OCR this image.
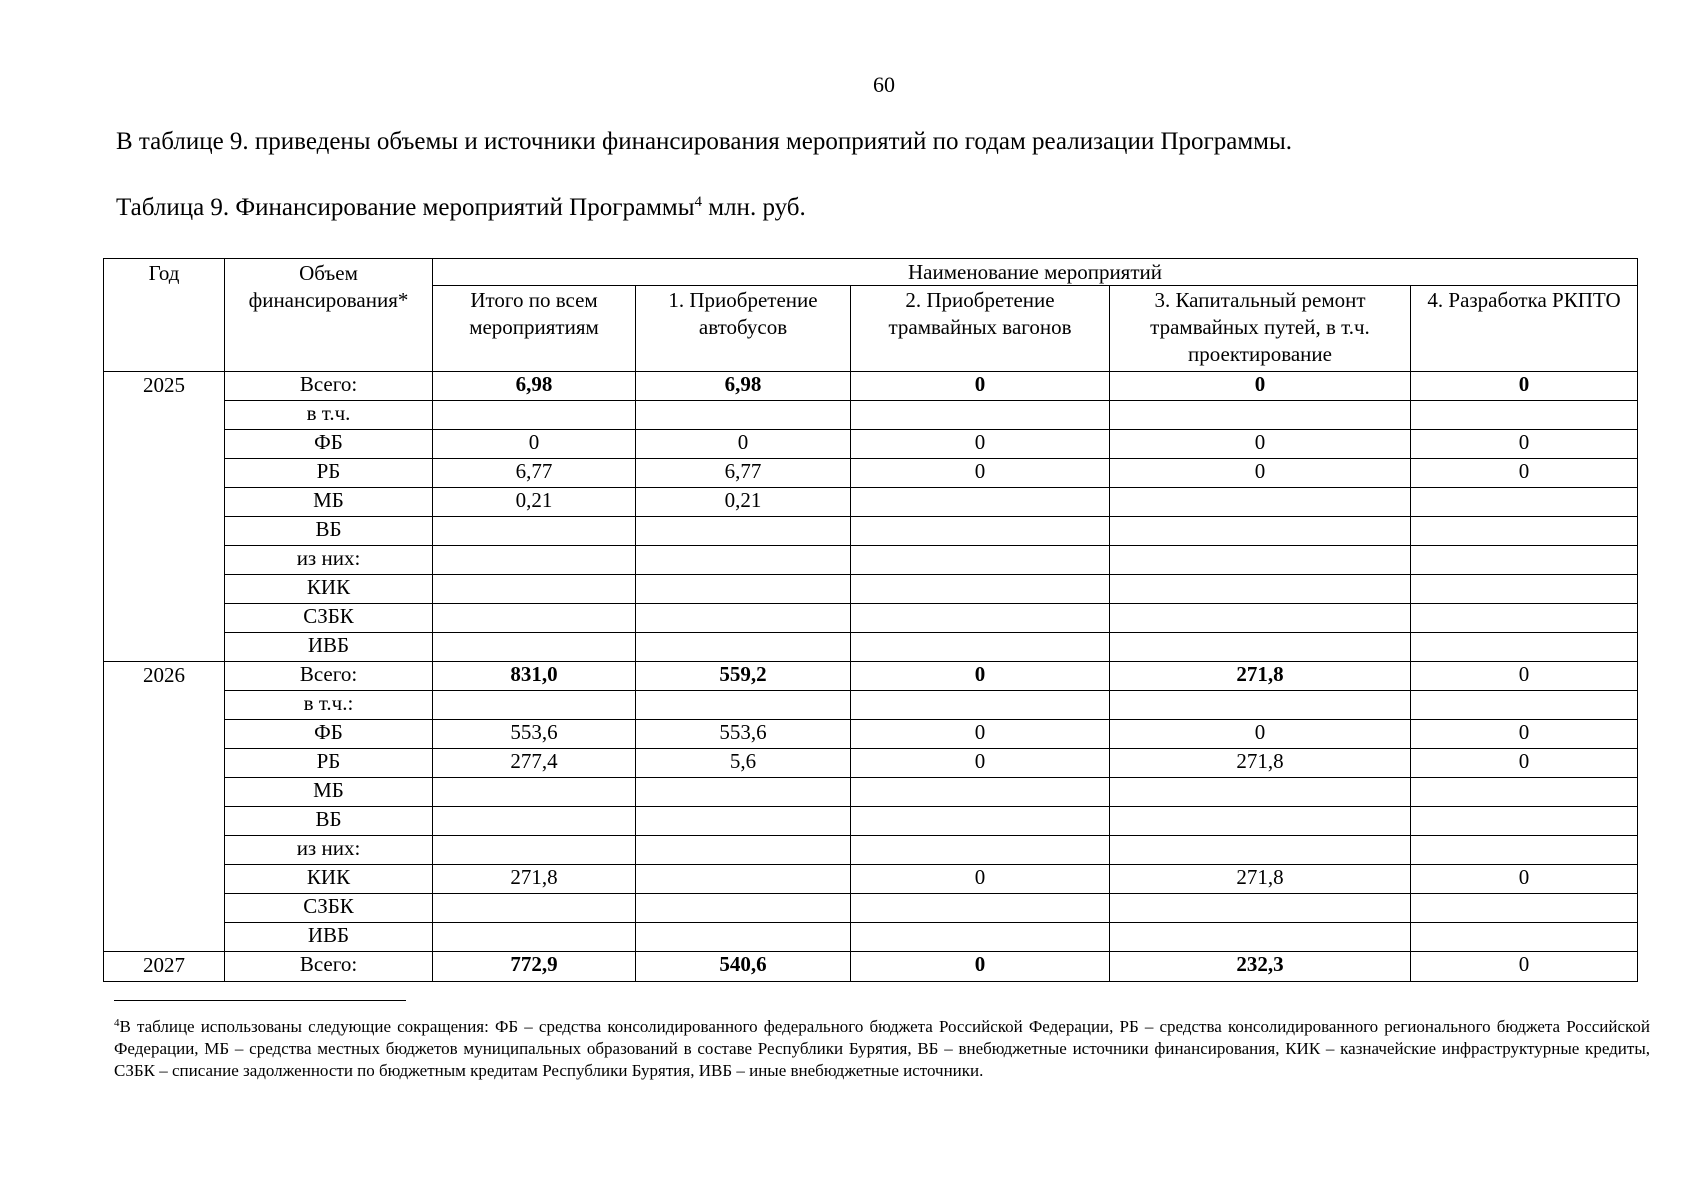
60
В таблице 9. приведены объемы и источники финансирования мероприятий по годам реализации Программы.
Таблица 9. Финансирование мероприятий Программы$^4$ млн. руб.
Год	Объем финансирования*	Наименование мероприятий				
		Итого по всем мероприятиям	1. Приобретение автобусов	2. Приобретение трамвайных вагонов	3. Капитальный ремонт трамвайных путей, в т.ч. проектирование	4. Разработка РКПТО
2025	Всего:	6,98	6,98	0	0	0
	в т.ч.					
	ФБ	0	0	0	0	0
	РБ	6,77	6,77	0	0	0
	МБ	0,21	0,21			
	ВБ					
	из них:					
	КИК					
	СЗБК					
	ИВБ					
2026	Всего:	831,0	559,2	0	271,8	0
	в т.ч.:					
	ФБ	553,6	553,6	0	0	0
	РБ	277,4	5,6	0	271,8	0
	МБ					
	ВБ					
	из них:					
	КИК	271,8		0	271,8	0
	СЗБК					
	ИВБ					
2027	Всего:	772,9	540,6	0	232,3	0
$^4$В таблице использованы следующие сокращения: ФБ – средства консолидированного федерального бюджета Российской Федерации, РБ – средства консолидированного регионального бюджета Российской Федерации, МБ – средства местных бюджетов муниципальных образований в составе Республики Бурятия, ВБ – внебюджетные источники финансирования, КИК – казначейские инфраструктурные кредиты, СЗБК – списание задолженности по бюджетным кредитам Республики Бурятия, ИВБ – иные внебюджетные источники.
